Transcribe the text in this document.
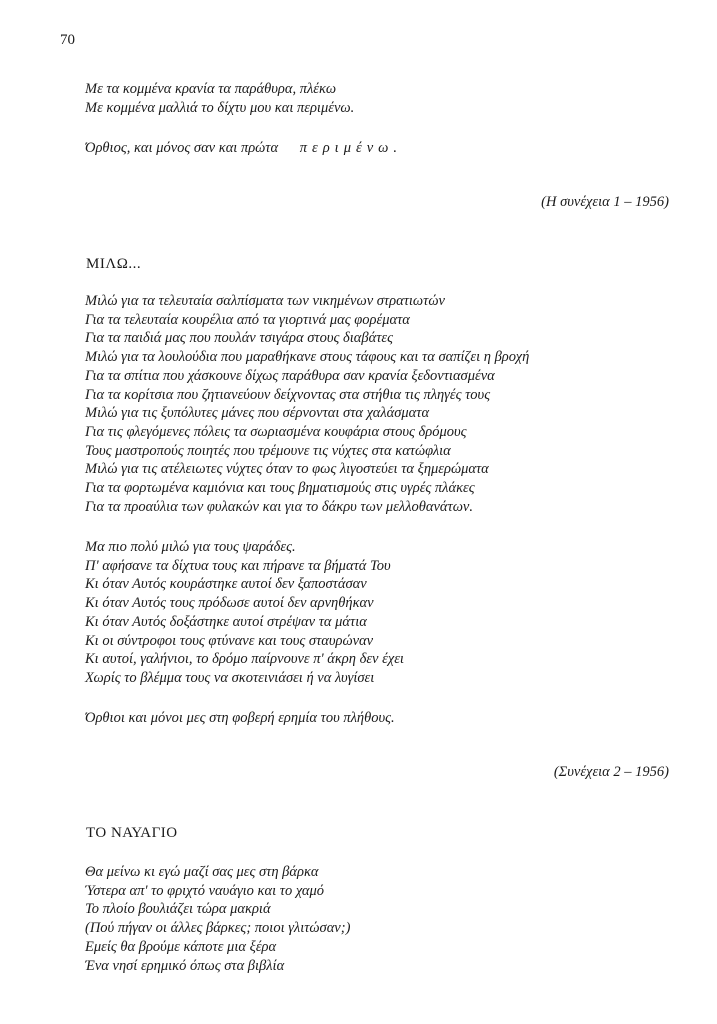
70
Με τα κομμένα κρανία τα παράθυρα, πλέκω
Με κομμένα μαλλιά το δίχτυ μου και περιμένω.
Όρθιος, και μόνος σαν και πρώτα περιμένω.
(Η συνέχεια 1 – 1956)
ΜΙΛΩ...
Μιλώ για τα τελευταία σαλπίσματα των νικημένων στρατιωτών
Για τα τελευταία κουρέλια από τα γιορτινά μας φορέματα
Για τα παιδιά μας που πουλάν τσιγάρα στους διαβάτες
Μιλώ για τα λουλούδια που μαραθήκανε στους τάφους και τα σαπίζει η βροχή
Για τα σπίτια που χάσκουνε δίχως παράθυρα σαν κρανία ξεδοντιασμένα
Για τα κορίτσια που ζητιανεύουν δείχνοντας στα στήθια τις πληγές τους
Μιλώ για τις ξυπόλυτες μάνες που σέρνονται στα χαλάσματα
Για τις φλεγόμενες πόλεις τα σωριασμένα κουφάρια στους δρόμους
Τους μαστροπούς ποιητές που τρέμουνε τις νύχτες στα κατώφλια
Μιλώ για τις ατέλειωτες νύχτες όταν το φως λιγοστεύει τα ξημερώματα
Για τα φορτωμένα καμιόνια και τους βηματισμούς στις υγρές πλάκες
Για τα προαύλια των φυλακών και για το δάκρυ των μελλοθανάτων.
Μα πιο πολύ μιλώ για τους ψαράδες.
Π' αφήσανε τα δίχτυα τους και πήρανε τα βήματά Του
Κι όταν Αυτός κουράστηκε αυτοί δεν ξαποστάσαν
Κι όταν Αυτός τους πρόδωσε αυτοί δεν αρνηθήκαν
Κι όταν Αυτός δοξάστηκε αυτοί στρέψαν τα μάτια
Κι οι σύντροφοι τους φτύνανε και τους σταυρώναν
Κι αυτοί, γαλήνιοι, το δρόμο παίρνουνε π' άκρη δεν έχει
Χωρίς το βλέμμα τους να σκοτεινιάσει ή να λυγίσει
Όρθιοι και μόνοι μες στη φοβερή ερημία του πλήθους.
(Συνέχεια 2 – 1956)
ΤΟ ΝΑΥΑΓΙΟ
Θα μείνω κι εγώ μαζί σας μες στη βάρκα
Ύστερα απ' το φριχτό ναυάγιο και το χαμό
Το πλοίο βουλιάζει τώρα μακριά
(Πού πήγαν οι άλλες βάρκες; ποιοι γλιτώσαν;)
Εμείς θα βρούμε κάποτε μια ξέρα
Ένα νησί ερημικό όπως στα βιβλία
